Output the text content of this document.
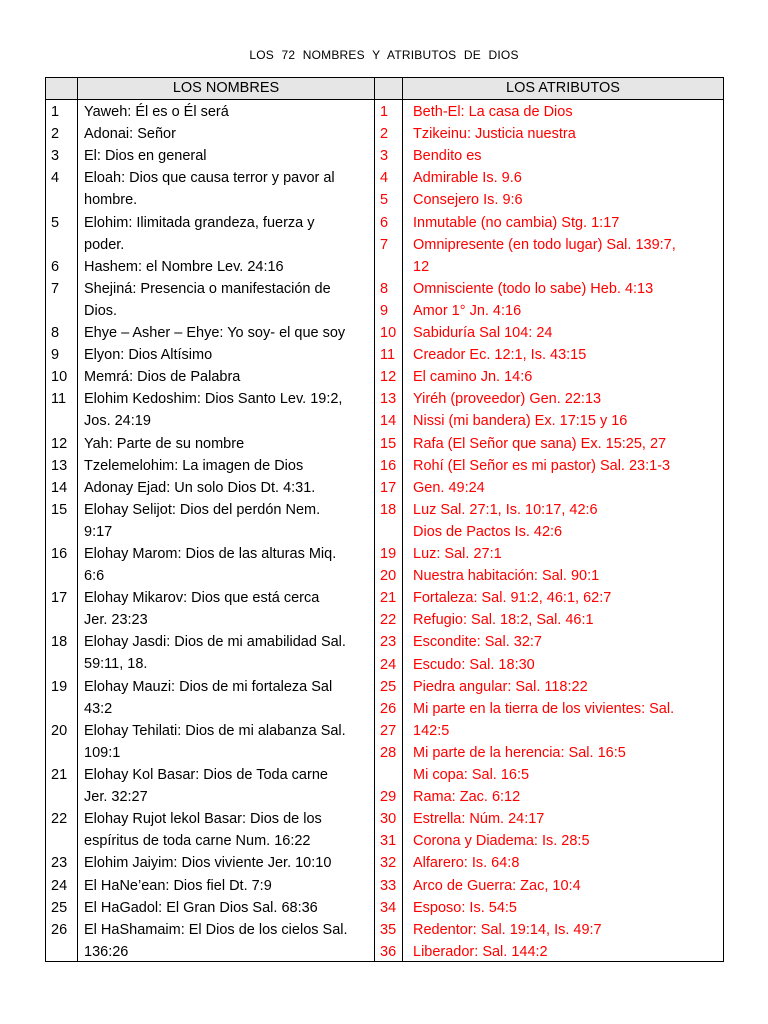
LOS 72 NOMBRES Y ATRIBUTOS DE DIOS
LOS NOMBRES	LOS ATRIBUTOS
1 Yaweh: Él es o Él será
2 Adonai: Señor
3 El: Dios en general
4 Eloah: Dios que causa terror y pavor al
hombre.
5 Elohim: Ilimitada grandeza, fuerza y
poder.
6 Hashem: el Nombre Lev. 24:16
7 Shejiná: Presencia o manifestación de
Dios.
8 Ehye – Asher – Ehye: Yo soy- el que soy
9 Elyon: Dios Altísimo
10 Memrá: Dios de Palabra
11 Elohim Kedoshim: Dios Santo Lev. 19:2,
Jos. 24:19
12 Yah: Parte de su nombre
13 Tzelemelohim: La imagen de Dios
14 Adonay Ejad: Un solo Dios Dt. 4:31.
15 Elohay Selijot: Dios del perdón Nem.
9:17
16 Elohay Marom: Dios de las alturas Miq.
6:6
17 Elohay Mikarov: Dios que está cerca
Jer. 23:23
18 Elohay Jasdi: Dios de mi amabilidad Sal.
59:11, 18.
19 Elohay Mauzi: Dios de mi fortaleza Sal
43:2
20 Elohay Tehilati: Dios de mi alabanza Sal.
109:1
21 Elohay Kol Basar: Dios de Toda carne
Jer. 32:27
22 Elohay Rujot lekol Basar: Dios de los
espíritus de toda carne Num. 16:22
23 Elohim Jaiyim: Dios viviente Jer. 10:10
24 El HaNe’ean: Dios fiel Dt. 7:9
25 El HaGadol: El Gran Dios Sal. 68:36
26 El HaShamaim: El Dios de los cielos Sal.
136:26
1 Beth-El: La casa de Dios
2 Tzikeinu: Justicia nuestra
3 Bendito es
4 Admirable Is. 9.6
5 Consejero Is. 9:6
6 Inmutable (no cambia) Stg. 1:17
7 Omnipresente (en todo lugar) Sal. 139:7,
12
8 Omnisciente (todo lo sabe) Heb. 4:13
9 Amor 1° Jn. 4:16
10 Sabiduría Sal 104: 24
11 Creador Ec. 12:1, Is. 43:15
12 El camino Jn. 14:6
13 Yiréh (proveedor) Gen. 22:13
14 Nissi (mi bandera) Ex. 17:15 y 16
15 Rafa (El Señor que sana) Ex. 15:25, 27
16 Rohí (El Señor es mi pastor) Sal. 23:1-3
17 Gen. 49:24
18 Luz Sal. 27:1, Is. 10:17, 42:6
Dios de Pactos Is. 42:6
19 Luz: Sal. 27:1
20 Nuestra habitación: Sal. 90:1
21 Fortaleza: Sal. 91:2, 46:1, 62:7
22 Refugio: Sal. 18:2, Sal. 46:1
23 Escondite: Sal. 32:7
24 Escudo: Sal. 18:30
25 Piedra angular: Sal. 118:22
26 Mi parte en la tierra de los vivientes: Sal.
27 142:5
28 Mi parte de la herencia: Sal. 16:5
Mi copa: Sal. 16:5
29 Rama: Zac. 6:12
30 Estrella: Núm. 24:17
31 Corona y Diadema: Is. 28:5
32 Alfarero: Is. 64:8
33 Arco de Guerra: Zac, 10:4
34 Esposo: Is. 54:5
35 Redentor: Sal. 19:14, Is. 49:7
36 Liberador: Sal. 144:2
